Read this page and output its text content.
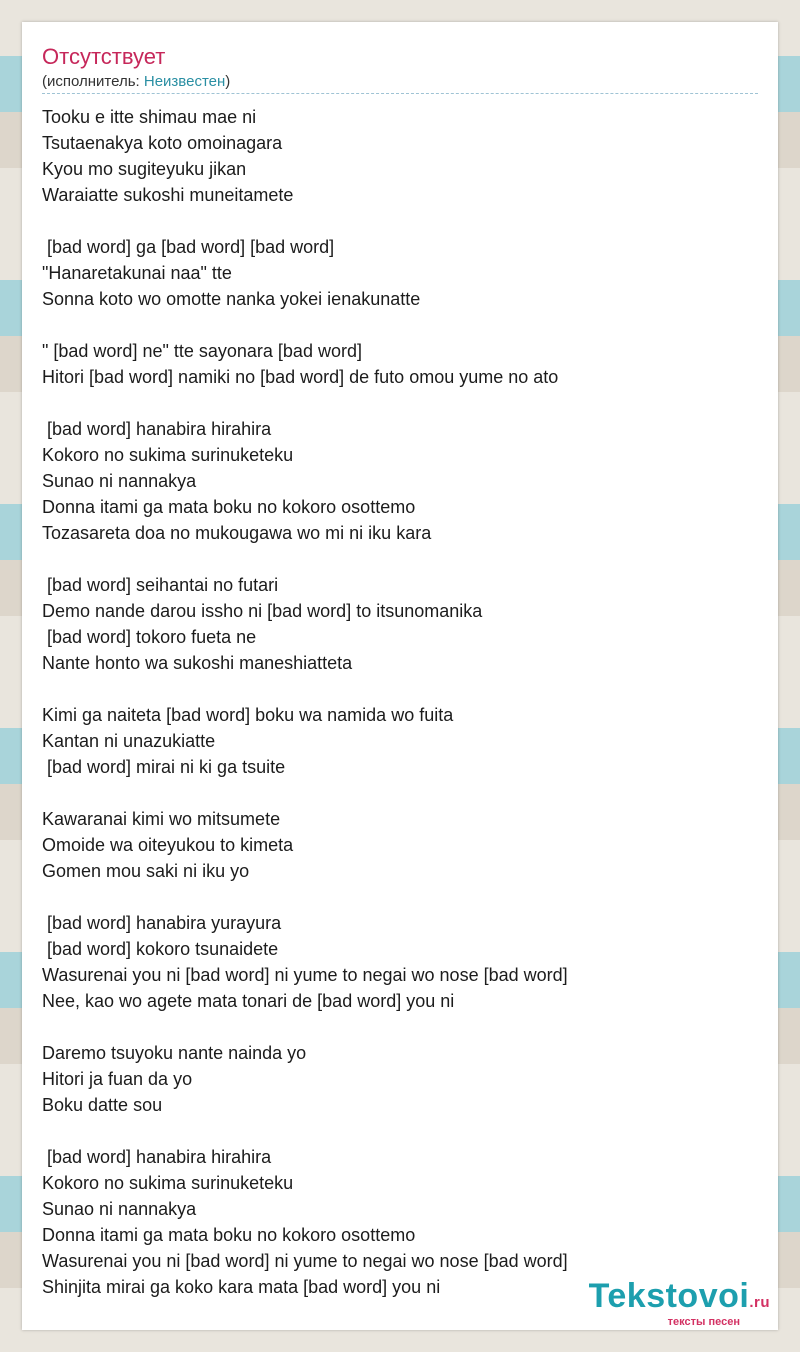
Отсутствует
(исполнитель: Неизвестен)
Tooku e itte shimau mae ni
Tsutaenakya koto omoinagara
Kyou mo sugiteyuku jikan
Waraiatte sukoshi muneitamete
[bad word] ga [bad word] [bad word]
"Hanaretakunai naa" tte
Sonna koto wo omotte nanka yokei ienakunatte
" [bad word] ne" tte sayonara [bad word]
Hitori [bad word] namiki no [bad word] de futo omou yume no ato
[bad word] hanabira hirahira
Kokoro no sukima surinuketeku
Sunao ni nannakya
Donna itami ga mata boku no kokoro osottemo
Tozasareta doa no mukougawa wo mi ni iku kara
[bad word] seihantai no futari
Demo nande darou issho ni [bad word] to itsunomanika
[bad word] tokoro fueta ne
Nante honto wa sukoshi maneshiatteta
Kimi ga naiteta [bad word] boku wa namida wo fuita
Kantan ni unazukiatte
[bad word] mirai ni ki ga tsuite
Kawaranai kimi wo mitsumete
Omoide wa oiteyukou to kimeta
Gomen mou saki ni iku yo
[bad word] hanabira yurayura
[bad word] kokoro tsunaidete
Wasurenai you ni [bad word] ni yume to negai wo nose [bad word]
Nee, kao wo agete mata tonari de [bad word] you ni
Daremo tsuyoku nante nainda yo
Hitori ja fuan da yo
Boku datte sou
[bad word] hanabira hirahira
Kokoro no sukima surinuketeku
Sunao ni nannakya
Donna itami ga mata boku no kokoro osottemo
Wasurenai you ni [bad word] ni yume to negai wo nose [bad word]
Shinjita mirai ga koko kara mata [bad word] you ni	Tekstovoi.ru
тексты песен
